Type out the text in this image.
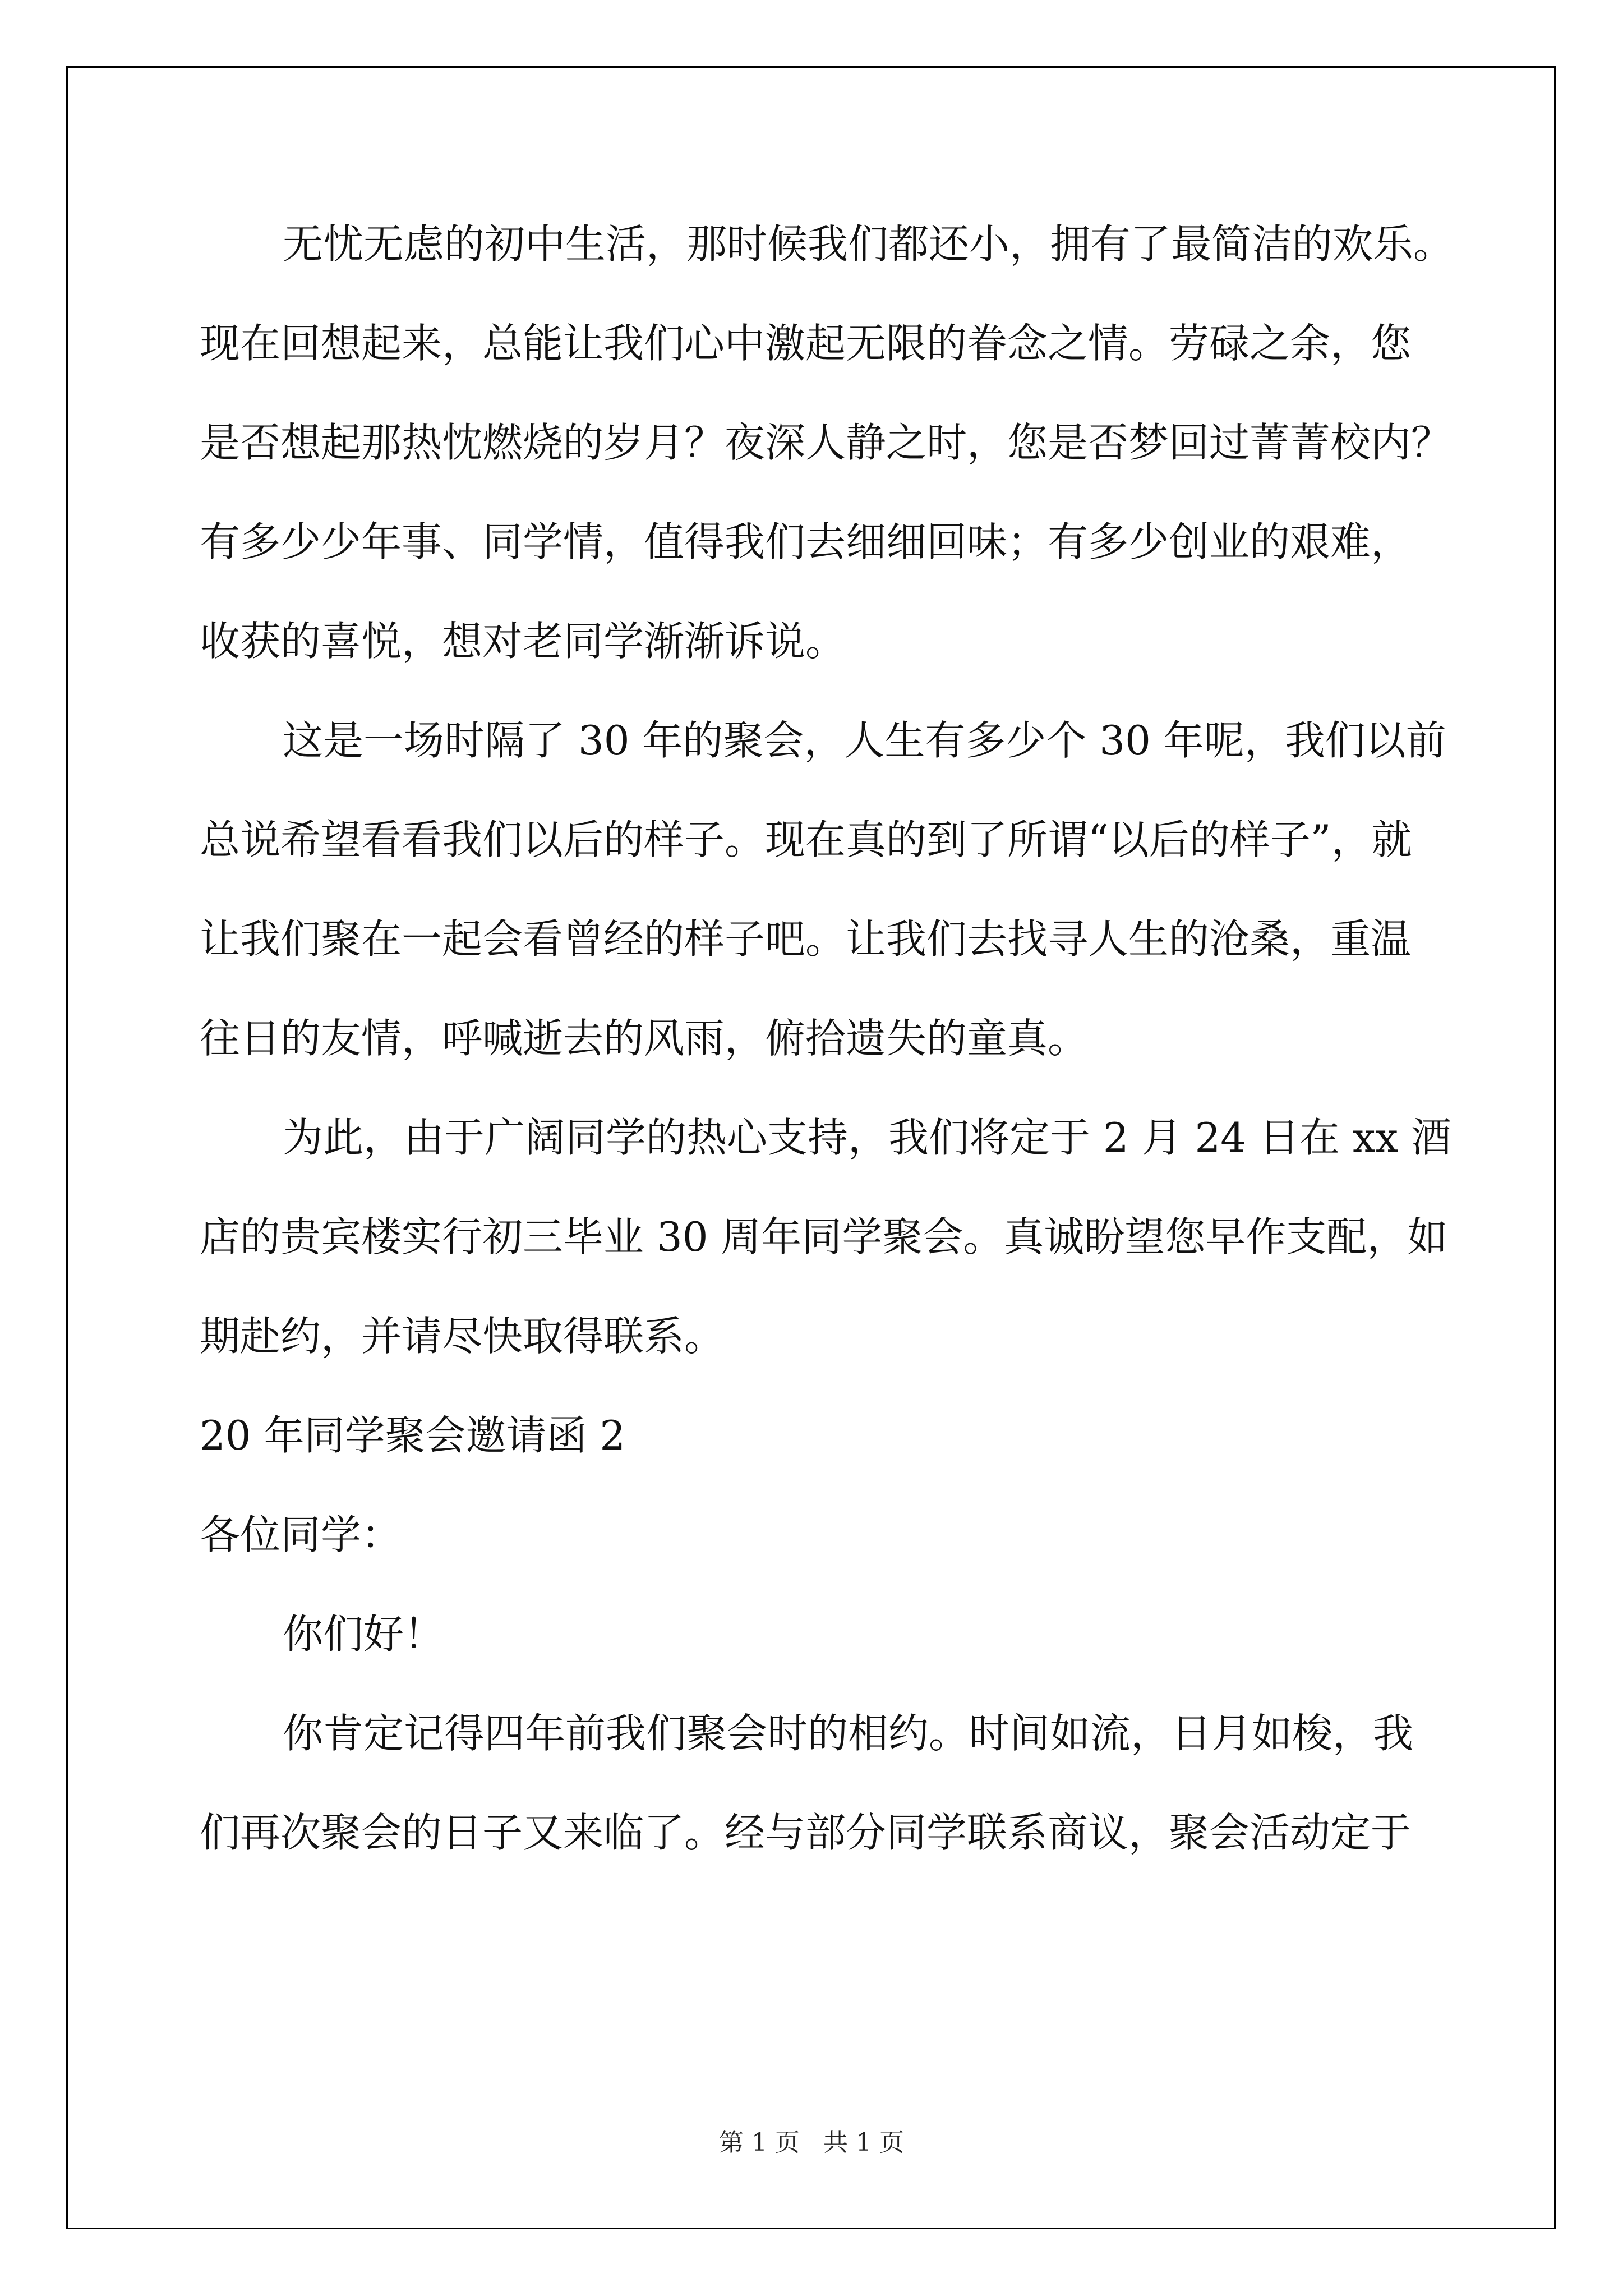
无忧无虑的初中生活，那时候我们都还小，拥有了最简洁的欢乐。
现在回想起来，总能让我们心中激起无限的眷念之情。劳碌之余，您
是否想起那热忱燃烧的岁月？夜深人静之时，您是否梦回过菁菁校内？
有多少少年事、同学情，值得我们去细细回味；有多少创业的艰难，
收获的喜悦，想对老同学渐渐诉说。
这是一场时隔了 30 年的聚会，人生有多少个 30 年呢，我们以前
总说希望看看我们以后的样子。现在真的到了所谓“以后的样子”，就
让我们聚在一起会看曾经的样子吧。让我们去找寻人生的沧桑，重温
往日的友情，呼喊逝去的风雨，俯拾遗失的童真。
为此，由于广阔同学的热心支持，我们将定于 2 月 24 日在 xx 酒
店的贵宾楼实行初三毕业 30 周年同学聚会。真诚盼望您早作支配，如
期赴约，并请尽快取得联系。
20 年同学聚会邀请函 2
各位同学：
你们好！
你肯定记得四年前我们聚会时的相约。时间如流，日月如梭，我
们再次聚会的日子又来临了。经与部分同学联系商议，聚会活动定于
第 1 页 共 1 页
